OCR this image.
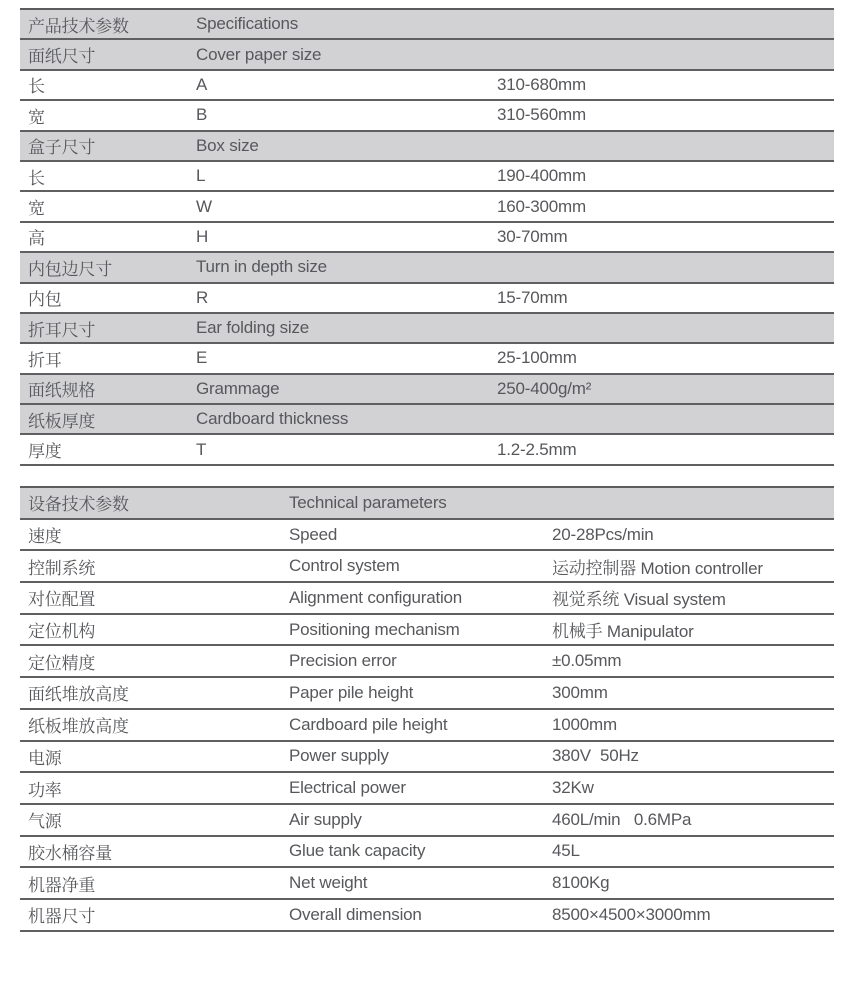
产品技术参数	Specifications
面纸尺寸	Cover paper size
长	A	310-680mm
宽	B	310-560mm
盒子尺寸	Box size
长	L	190-400mm
宽	W	160-300mm
高	H	30-70mm
内包边尺寸	Turn in depth size
内包	R	15-70mm
折耳尺寸	Ear folding size
折耳	E	25-100mm
面纸规格	Grammage	250-400g/m²
纸板厚度	Cardboard thickness
厚度	T	1.2-2.5mm
设备技术参数	Technical parameters
速度	Speed	20-28Pcs/min
控制系统	Control system	运动控制器 Motion controller
对位配置	Alignment configuration	视觉系统 Visual system
定位机构	Positioning mechanism	机械手 Manipulator
定位精度	Precision error	±0.05mm
面纸堆放高度	Paper pile height	300mm
纸板堆放高度	Cardboard pile height	1000mm
电源	Power supply	380V  50Hz
功率	Electrical power	32Kw
气源	Air supply	460L/min   0.6MPa
胶水桶容量	Glue tank capacity	45L
机器净重	Net weight	8100Kg
机器尺寸	Overall dimension	8500×4500×3000mm
